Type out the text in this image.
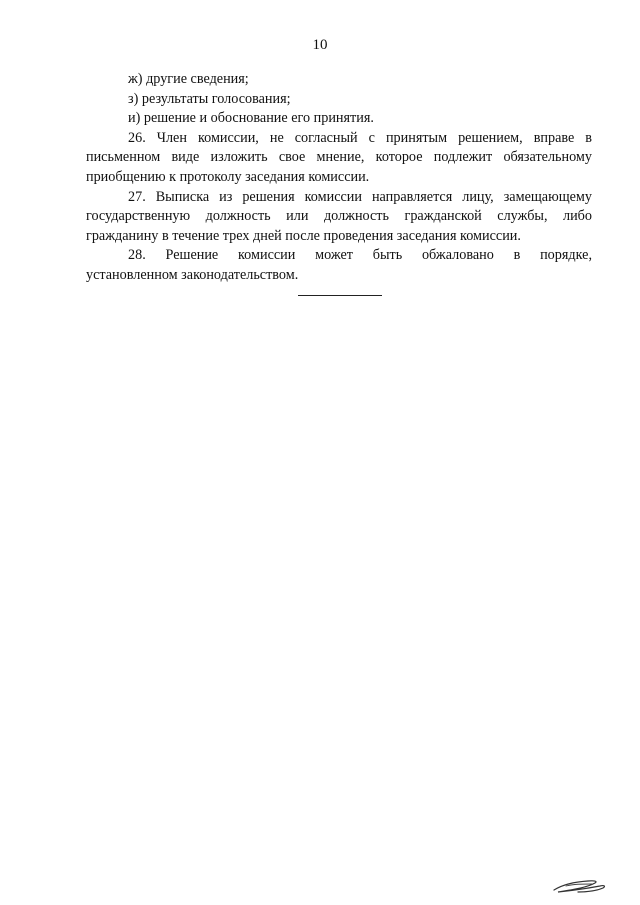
10

ж) другие сведения;

з) результаты голосования;

и) решение и обоснование его принятия.

26. Член комиссии, не согласный с принятым решением, вправе в

письменном виде изложить свое мнение, которое подлежит обязательному

приобщению к протоколу заседания комиссии.

27. Выписка из решения комиссии направляется лицу, замещающему

государственную должность или должность гражданской службы, либо

гражданину в течение трех дней после проведения заседания комиссии.

28. Решение комиссии может быть обжаловано в порядке,

установленном законодательством.
